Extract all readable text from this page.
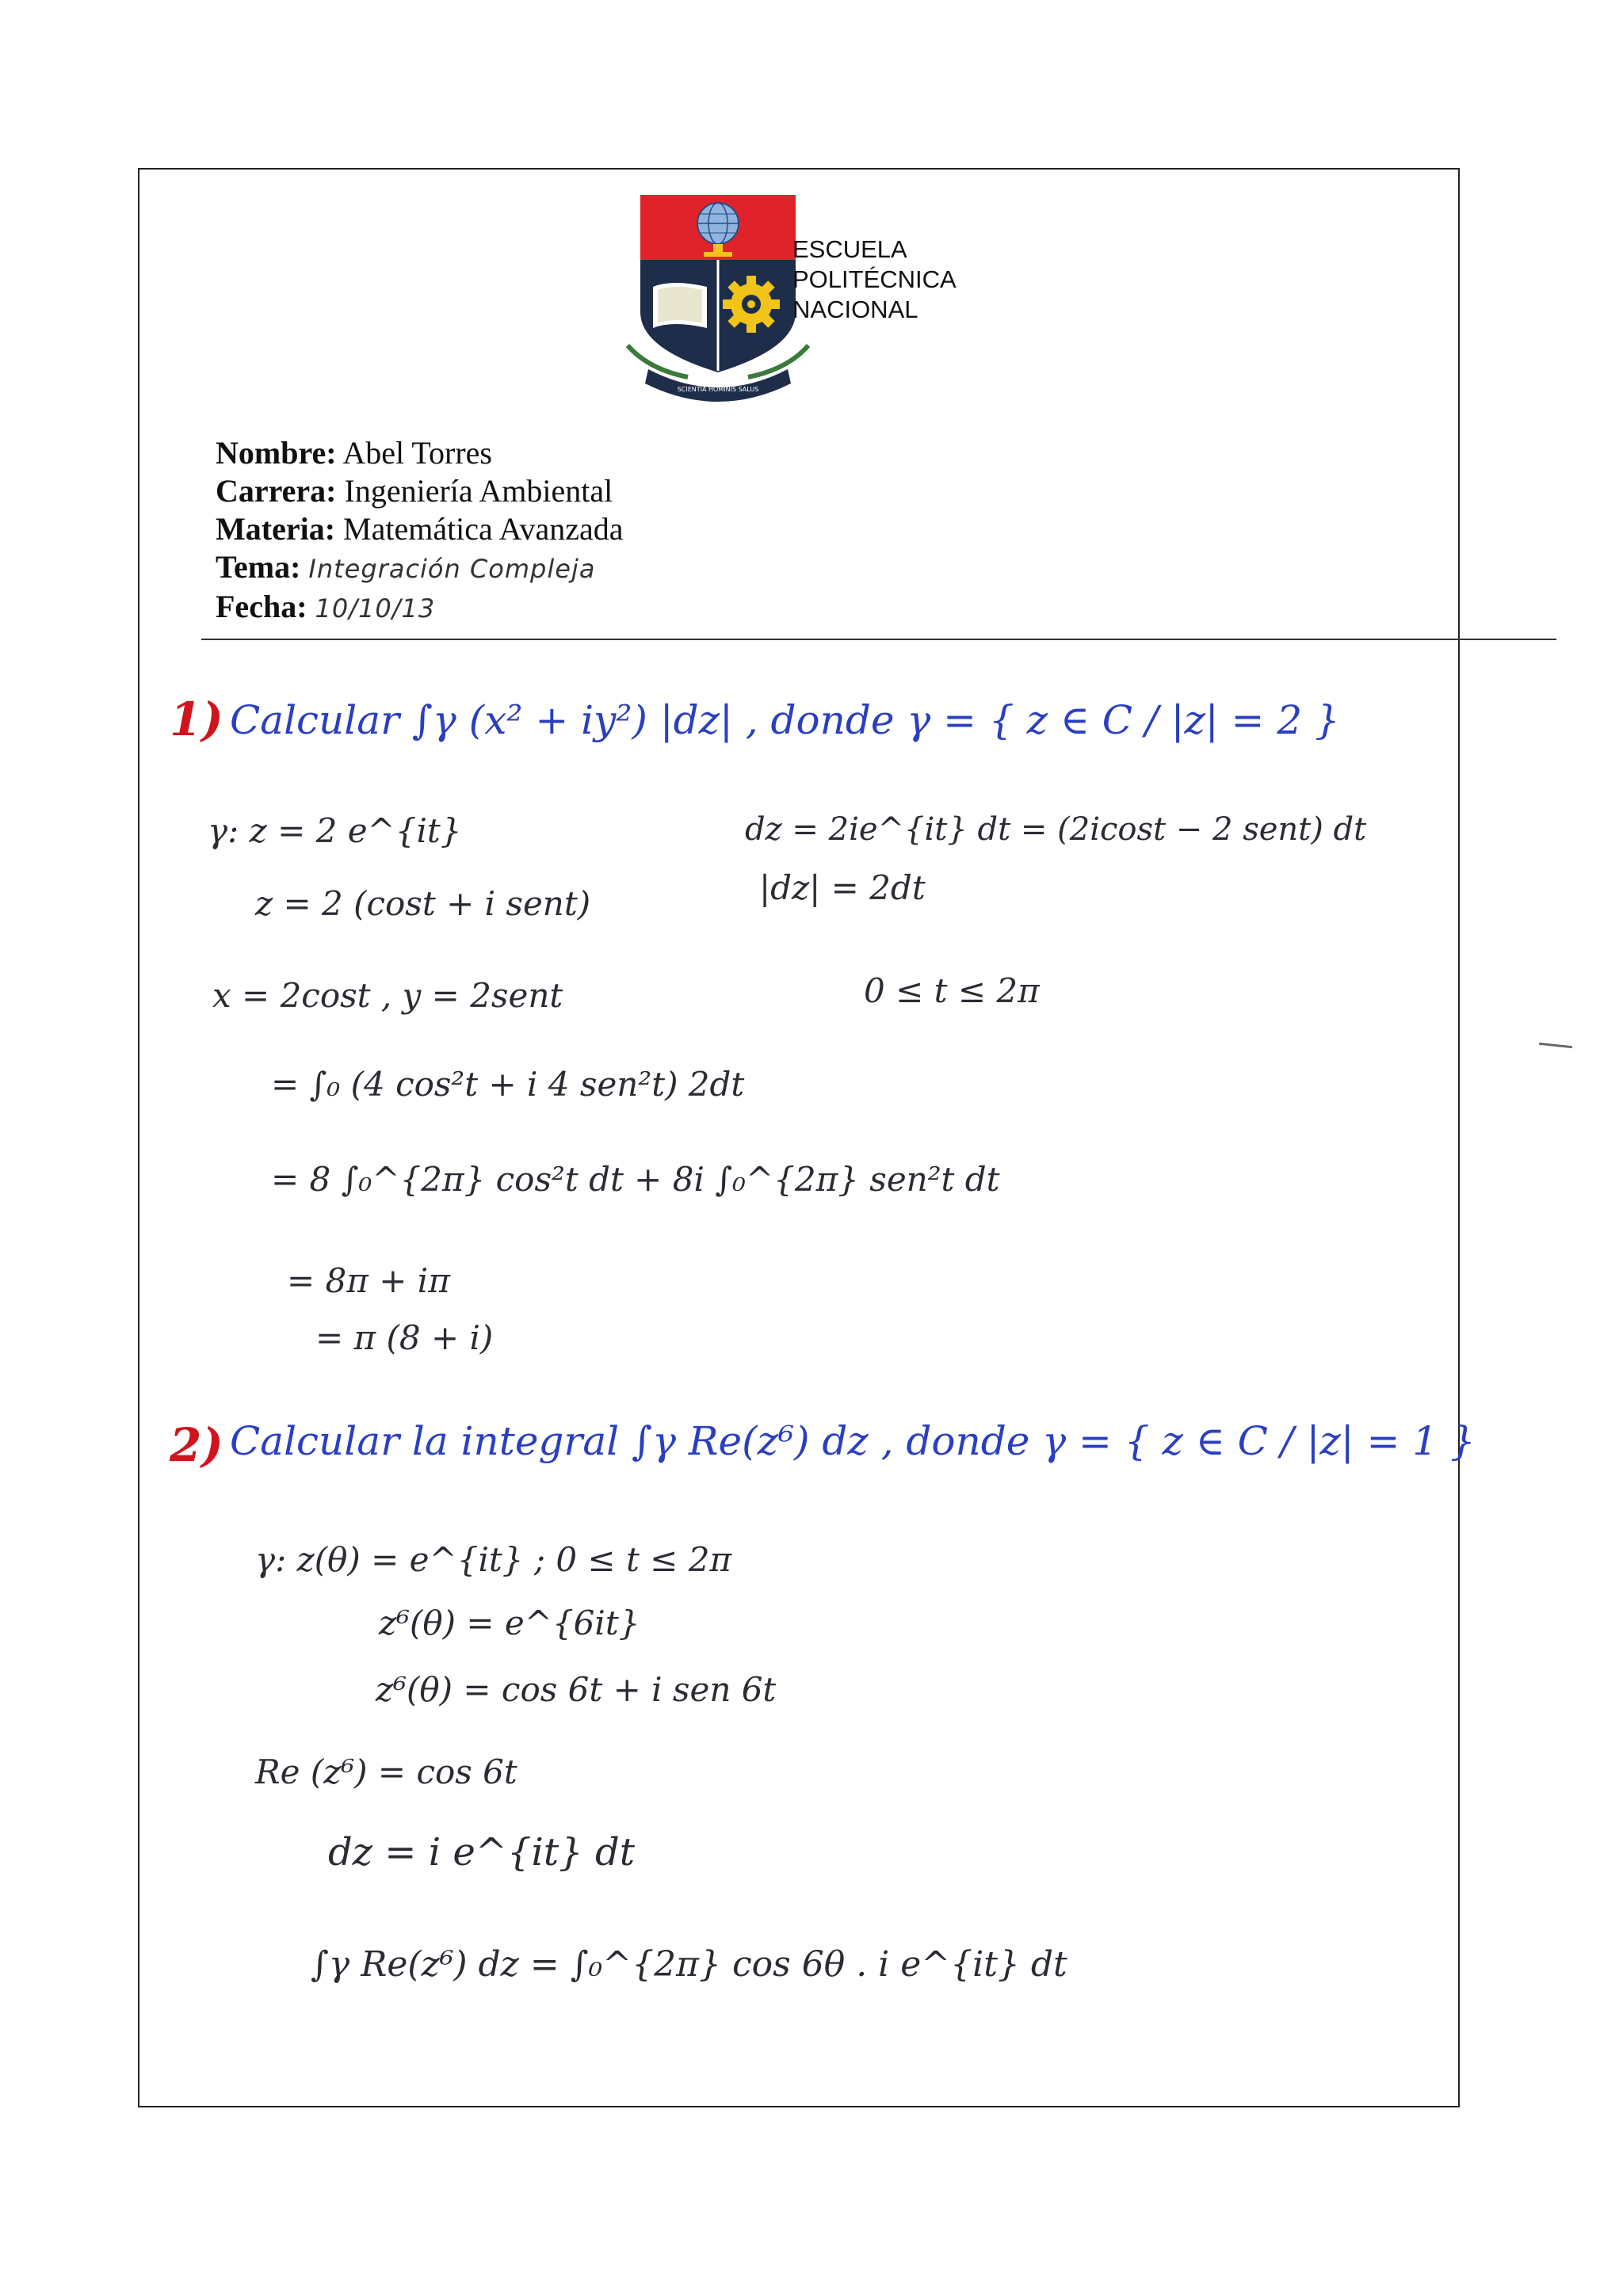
SCIENTIA HOMINIS SALUS
ESCUELA
POLITÉCNICA
NACIONAL
Nombre: Abel Torres
Carrera: Ingeniería Ambiental
Materia: Matemática Avanzada
Tema: Integración Compleja
Fecha: 10/10/13
1) Calcular ∫γ (x² + iy²) |dz| , donde γ = { z ∈ C / |z| = 2 }
γ: z = 2 e^{it}
z = 2 (cost + i sent)
dz = 2ie^{it} dt = (2icost − 2 sent) dt
|dz| = 2dt
x = 2cost , y = 2sent	0 ≤ t ≤ 2π
= ∫₀ (4 cos²t + i 4 sen²t) 2dt
= 8 ∫₀^{2π} cos²t dt + 8i ∫₀^{2π} sen²t dt
= 8π + iπ
= π (8 + i)
2) Calcular la integral ∫γ Re(z⁶) dz , donde γ = { z ∈ C / |z| = 1 }
γ: z(θ) = e^{it} ; 0 ≤ t ≤ 2π
z⁶(θ) = e^{6it}
z⁶(θ) = cos 6t + i sen 6t
Re (z⁶) = cos 6t
dz = i e^{it} dt
∫γ Re(z⁶) dz = ∫₀^{2π} cos 6θ . i e^{it} dt
